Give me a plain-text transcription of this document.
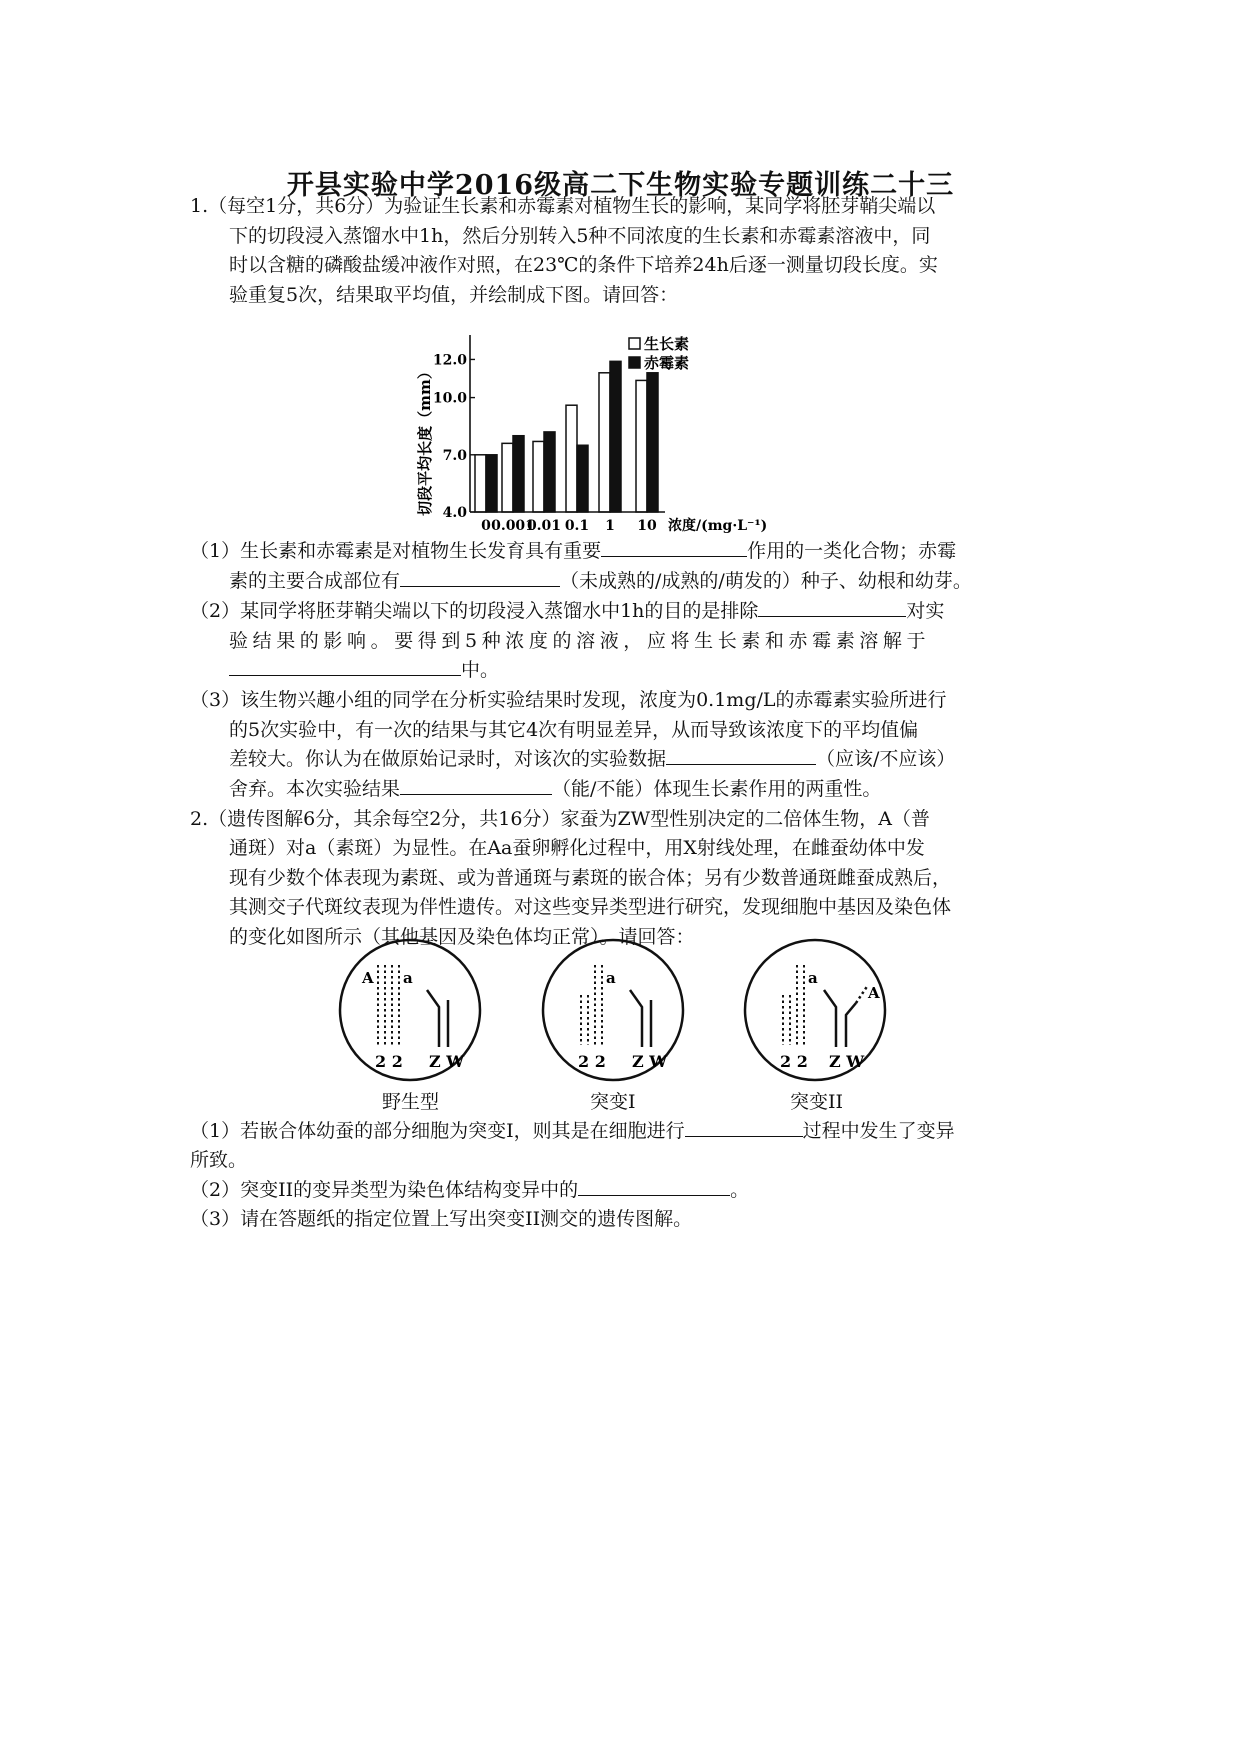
开县实验中学2016级高二下生物实验专题训练二十三
1.（每空1分，共6分）为验证生长素和赤霉素对植物生长的影响，某同学将胚芽鞘尖端以
下的切段浸入蒸馏水中1h，然后分别转入5种不同浓度的生长素和赤霉素溶液中，同
时以含糖的磷酸盐缓冲液作对照，在23℃的条件下培养24h后逐一测量切段长度。实
验重复5次，结果取平均值，并绘制成下图。请回答：
0 0.001
0.01 0.1 1 10
4.0
7.0
10.0
12.0
浓度/(mg·L⁻¹)
切段平均长度（mm）
生长素
赤霉素
（1）生长素和赤霉素是对植物生长发育具有重要	作用的一类化合物；赤霉
素的主要合成部位有	（未成熟的/成熟的/萌发的）种子、幼根和幼芽。
（2）某同学将胚芽鞘尖端以下的切段浸入蒸馏水中1h的目的是排除	对实
验结果的影响。要得到5种浓度的溶液，应将生长素和赤霉素溶解于
中。
（3）该生物兴趣小组的同学在分析实验结果时发现，浓度为0.1mg/L的赤霉素实验所进行
的5次实验中，有一次的结果与其它4次有明显差异，从而导致该浓度下的平均值偏
差较大。你认为在做原始记录时，对该次的实验数据	（应该/不应该）
舍弃。本次实验结果	（能/不能）体现生长素作用的两重性。
2.（遗传图解6分，其余每空2分，共16分）家蚕为ZW型性别决定的二倍体生物，A（普
通斑）对a（素斑）为显性。在Aa蚕卵孵化过程中，用X射线处理，在雌蚕幼体中发
现有少数个体表现为素斑、或为普通斑与素斑的嵌合体；另有少数普通斑雌蚕成熟后，
其测交子代斑纹表现为伴性遗传。对这些变异类型进行研究，发现细胞中基因及染色体
的变化如图所示（其他基因及染色体均正常）。请回答：
A a
2 2 Z W
a
2 2 Z W
a
A
2 2 Z W
野生型	突变I	突变II
（1）若嵌合体幼蚕的部分细胞为突变I，则其是在细胞进行	过程中发生了变异
所致。
（2）突变II的变异类型为染色体结构变异中的	。
（3）请在答题纸的指定位置上写出突变II测交的遗传图解。
